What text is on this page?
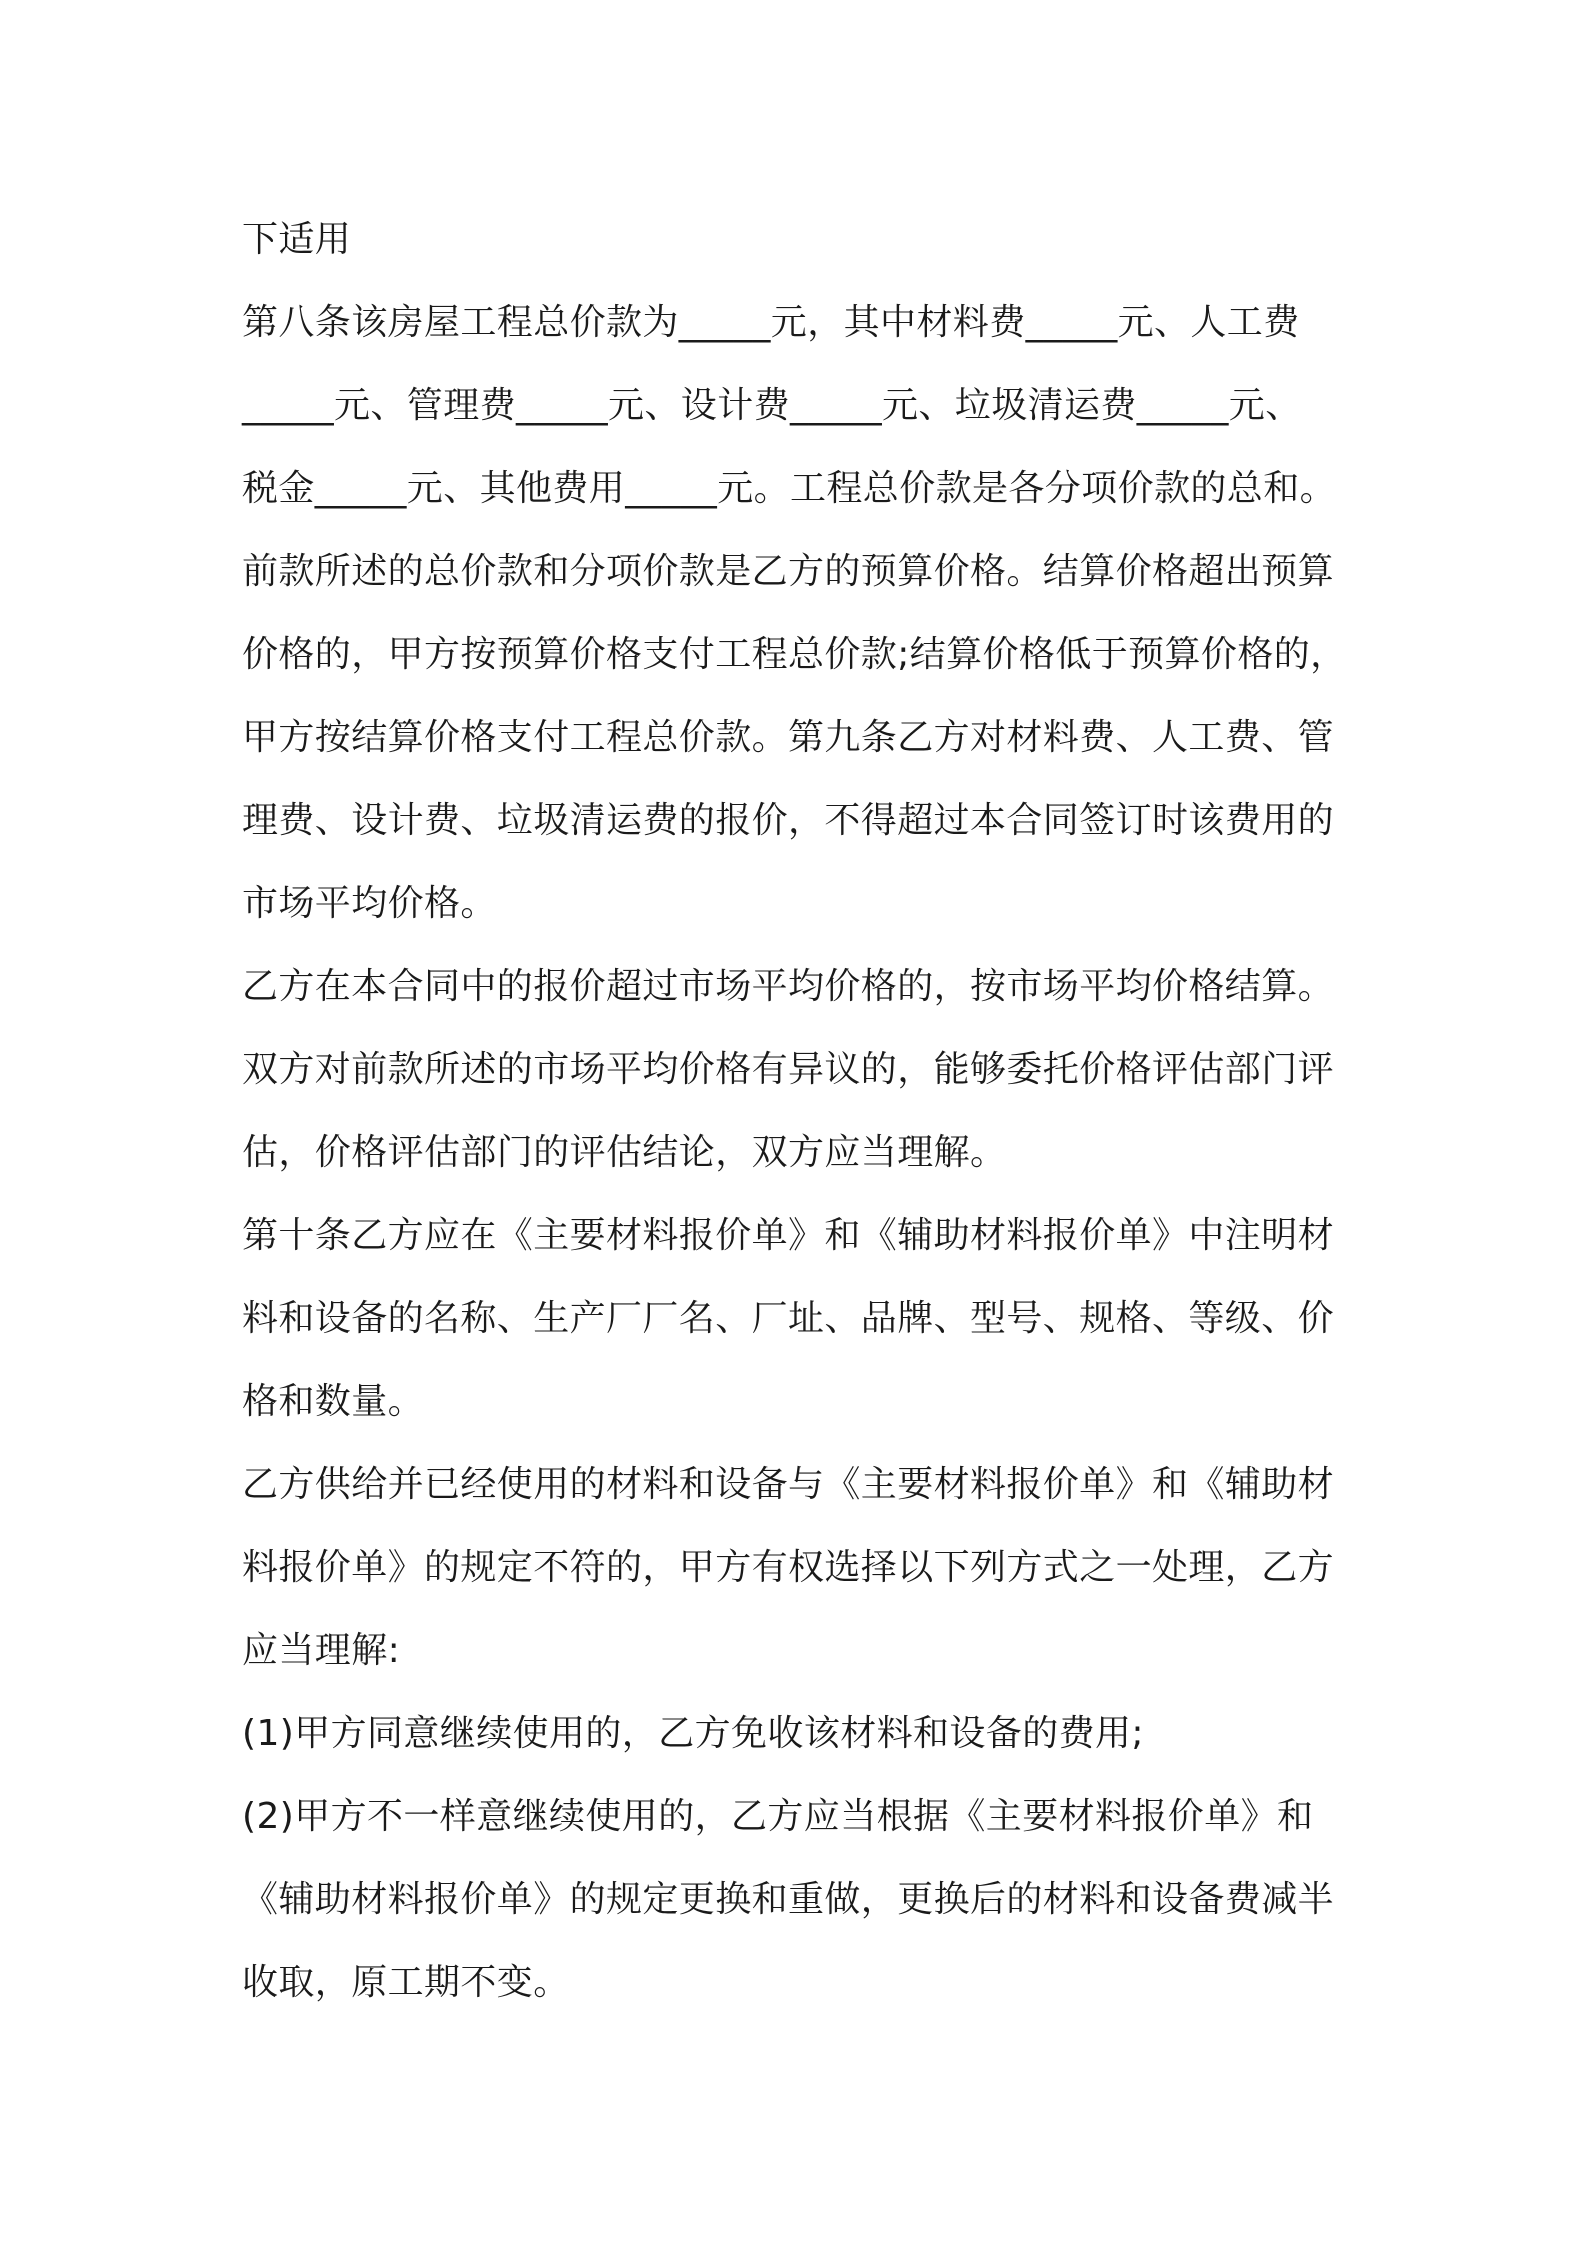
下适用
第八条该房屋工程总价款为_____元，其中材料费_____元、人工费
_____元、管理费_____元、设计费_____元、垃圾清运费_____元、
税金_____元、其他费用_____元。工程总价款是各分项价款的总和。
前款所述的总价款和分项价款是乙方的预算价格。结算价格超出预算
价格的，甲方按预算价格支付工程总价款;结算价格低于预算价格的，
甲方按结算价格支付工程总价款。第九条乙方对材料费、人工费、管
理费、设计费、垃圾清运费的报价，不得超过本合同签订时该费用的
市场平均价格。
乙方在本合同中的报价超过市场平均价格的，按市场平均价格结算。
双方对前款所述的市场平均价格有异议的，能够委托价格评估部门评
估，价格评估部门的评估结论，双方应当理解。
第十条乙方应在《主要材料报价单》和《辅助材料报价单》中注明材
料和设备的名称、生产厂厂名、厂址、品牌、型号、规格、等级、价
格和数量。
乙方供给并已经使用的材料和设备与《主要材料报价单》和《辅助材
料报价单》的规定不符的，甲方有权选择以下列方式之一处理，乙方
应当理解:
(1)甲方同意继续使用的，乙方免收该材料和设备的费用;
(2)甲方不一样意继续使用的，乙方应当根据《主要材料报价单》和
《辅助材料报价单》的规定更换和重做，更换后的材料和设备费减半
收取，原工期不变。
